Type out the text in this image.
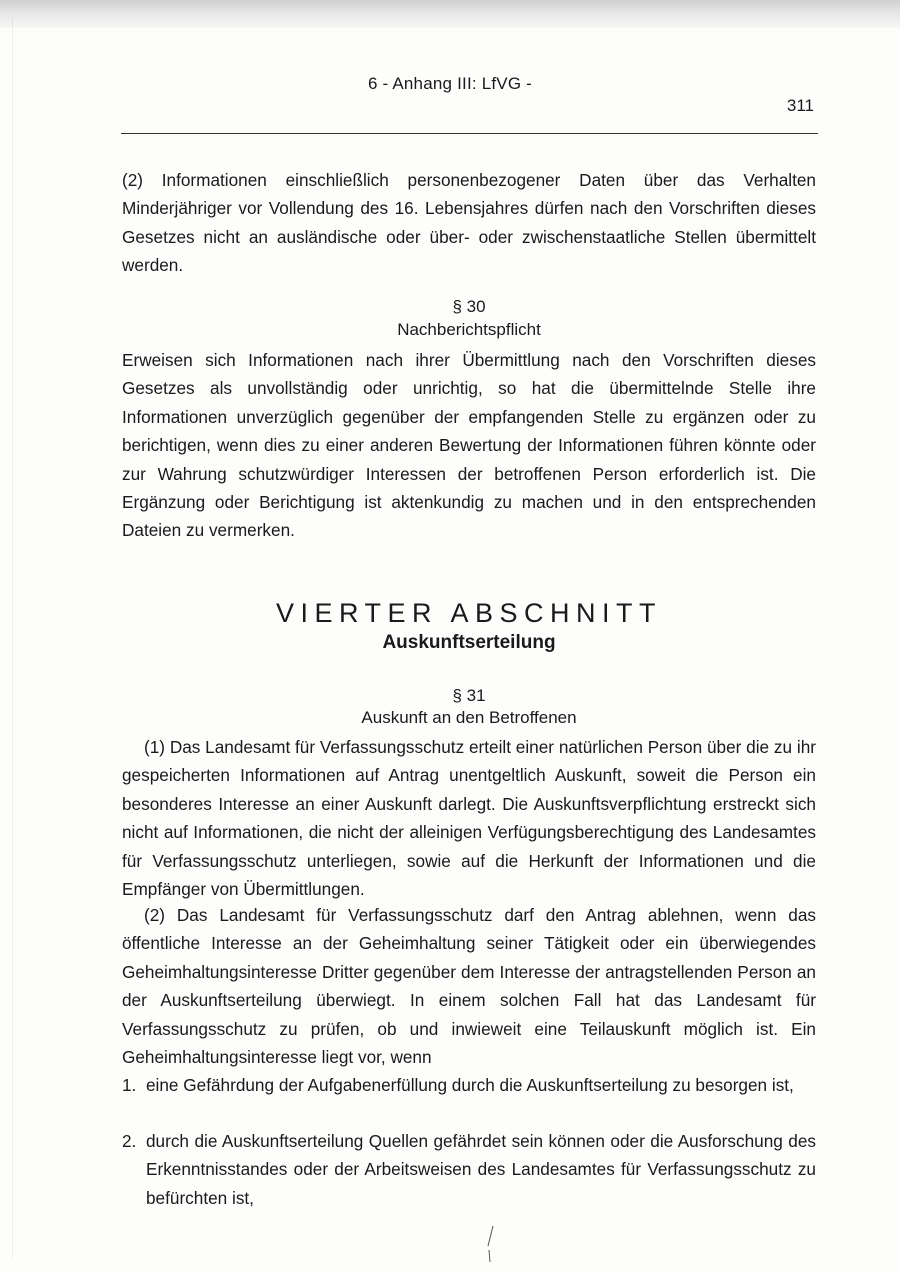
6 - Anhang III: LfVG -
311
(2) Informationen einschließlich personenbezogener Daten über das Verhalten Minderjähriger vor Vollendung des 16. Lebensjahres dürfen nach den Vorschriften dieses Gesetzes nicht an ausländische oder über- oder zwischenstaatliche Stellen übermittelt werden.
§ 30
Nachberichtspflicht
Erweisen sich Informationen nach ihrer Übermittlung nach den Vorschriften dieses Gesetzes als unvollständig oder unrichtig, so hat die übermittelnde Stelle ihre Informationen unverzüglich gegenüber der empfangenden Stelle zu ergänzen oder zu berichtigen, wenn dies zu einer anderen Bewertung der Informationen führen könnte oder zur Wahrung schutzwürdiger Interessen der betroffenen Person erforderlich ist. Die Ergänzung oder Berichtigung ist aktenkundig zu machen und in den entsprechenden Dateien zu vermerken.
VIERTER ABSCHNITT
Auskunftserteilung
§ 31
Auskunft an den Betroffenen
(1) Das Landesamt für Verfassungsschutz erteilt einer natürlichen Person über die zu ihr gespeicherten Informationen auf Antrag unentgeltlich Auskunft, soweit die Person ein besonderes Interesse an einer Auskunft darlegt. Die Auskunftsverpflichtung erstreckt sich nicht auf Informationen, die nicht der alleinigen Verfügungsberechtigung des Landesamtes für Verfassungsschutz unterliegen, sowie auf die Herkunft der Informationen und die Empfänger von Übermittlungen.
(2) Das Landesamt für Verfassungsschutz darf den Antrag ablehnen, wenn das öffentliche Interesse an der Geheimhaltung seiner Tätigkeit oder ein überwiegendes Geheimhaltungsinteresse Dritter gegenüber dem Interesse der antragstellenden Person an der Auskunftserteilung überwiegt. In einem solchen Fall hat das Landesamt für Verfassungsschutz zu prüfen, ob und inwieweit eine Teilauskunft möglich ist. Ein Geheimhaltungsinteresse liegt vor, wenn
1. eine Gefährdung der Aufgabenerfüllung durch die Auskunftserteilung zu besorgen ist,
2. durch die Auskunftserteilung Quellen gefährdet sein können oder die Ausforschung des Erkenntnisstandes oder der Arbeitsweisen des Landesamtes für Verfassungsschutz zu befürchten ist,
